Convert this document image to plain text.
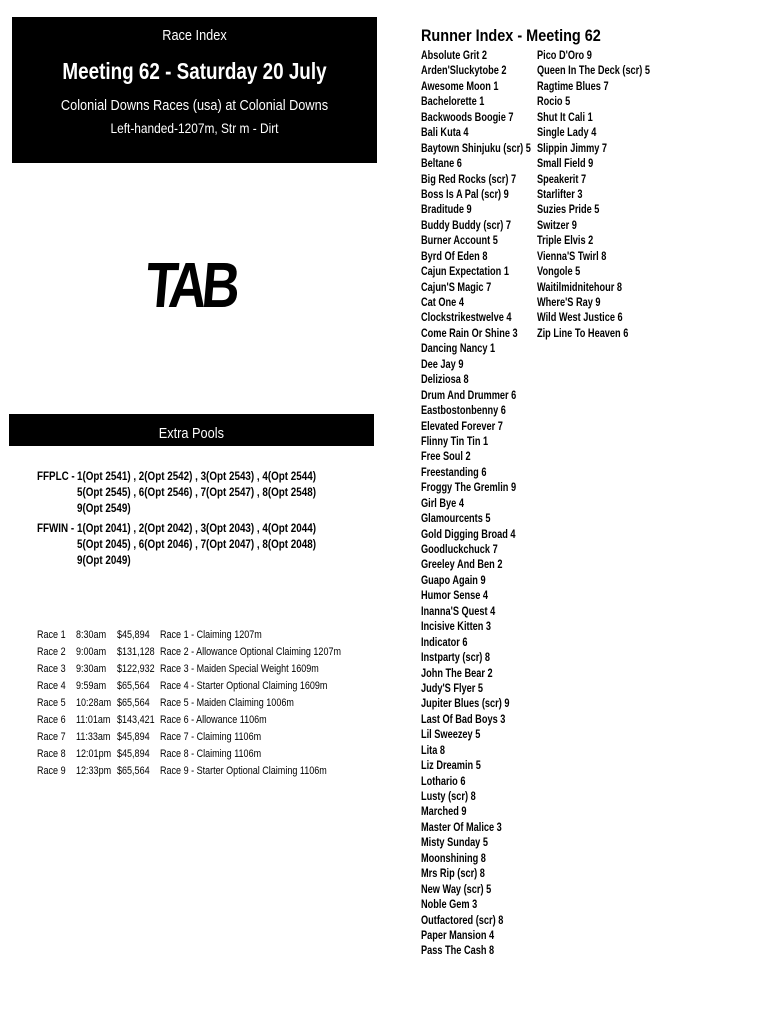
Race Index
Meeting 62 - Saturday 20 July
Colonial Downs Races (usa) at Colonial Downs
Left-handed-1207m, Str m - Dirt
TAB
Extra Pools
FFPLC - 1(Opt 2541) , 2(Opt 2542) , 3(Opt 2543) , 4(Opt 2544)
5(Opt 2545) , 6(Opt 2546) , 7(Opt 2547) , 8(Opt 2548)
9(Opt 2549)
FFWIN - 1(Opt 2041) , 2(Opt 2042) , 3(Opt 2043) , 4(Opt 2044)
5(Opt 2045) , 6(Opt 2046) , 7(Opt 2047) , 8(Opt 2048)
9(Opt 2049)
Race 1 8:30am $45,894 Race 1 - Claiming 1207m
Race 2 9:00am $131,128 Race 2 - Allowance Optional Claiming 1207m
Race 3 9:30am $122,932 Race 3 - Maiden Special Weight 1609m
Race 4 9:59am $65,564 Race 4 - Starter Optional Claiming 1609m
Race 5 10:28am $65,564 Race 5 - Maiden Claiming 1006m
Race 6 11:01am $143,421 Race 6 - Allowance 1106m
Race 7 11:33am $45,894 Race 7 - Claiming 1106m
Race 8 12:01pm $45,894 Race 8 - Claiming 1106m
Race 9 12:33pm $65,564 Race 9 - Starter Optional Claiming 1106m
Runner Index - Meeting 62
Absolute Grit 2
Arden'Sluckytobe 2
Awesome Moon 1
Bachelorette 1
Backwoods Boogie 7
Bali Kuta 4
Baytown Shinjuku (scr) 5
Beltane 6
Big Red Rocks (scr) 7
Boss Is A Pal (scr) 9
Braditude 9
Buddy Buddy (scr) 7
Burner Account 5
Byrd Of Eden 8
Cajun Expectation 1
Cajun'S Magic 7
Cat One 4
Clockstrikestwelve 4
Come Rain Or Shine 3
Dancing Nancy 1
Dee Jay 9
Deliziosa 8
Drum And Drummer 6
Eastbostonbenny 6
Elevated Forever 7
Flinny Tin Tin 1
Free Soul 2
Freestanding 6
Froggy The Gremlin 9
Girl Bye 4
Glamourcents 5
Gold Digging Broad 4
Goodluckchuck 7
Greeley And Ben 2
Guapo Again 9
Humor Sense 4
Inanna'S Quest 4
Incisive Kitten 3
Indicator 6
Instparty (scr) 8
John The Bear 2
Judy'S Flyer 5
Jupiter Blues (scr) 9
Last Of Bad Boys 3
Lil Sweezey 5
Lita 8
Liz Dreamin 5
Lothario 6
Lusty (scr) 8
Marched 9
Master Of Malice 3
Misty Sunday 5
Moonshining 8
Mrs Rip (scr) 8
New Way (scr) 5
Noble Gem 3
Outfactored (scr) 8
Paper Mansion 4
Pass The Cash 8
Pico D'Oro 9
Queen In The Deck (scr) 5
Ragtime Blues 7
Rocio 5
Shut It Cali 1
Single Lady 4
Slippin Jimmy 7
Small Field 9
Speakerit 7
Starlifter 3
Suzies Pride 5
Switzer 9
Triple Elvis 2
Vienna'S Twirl 8
Vongole 5
Waitilmidnitehour 8
Where'S Ray 9
Wild West Justice 6
Zip Line To Heaven 6
